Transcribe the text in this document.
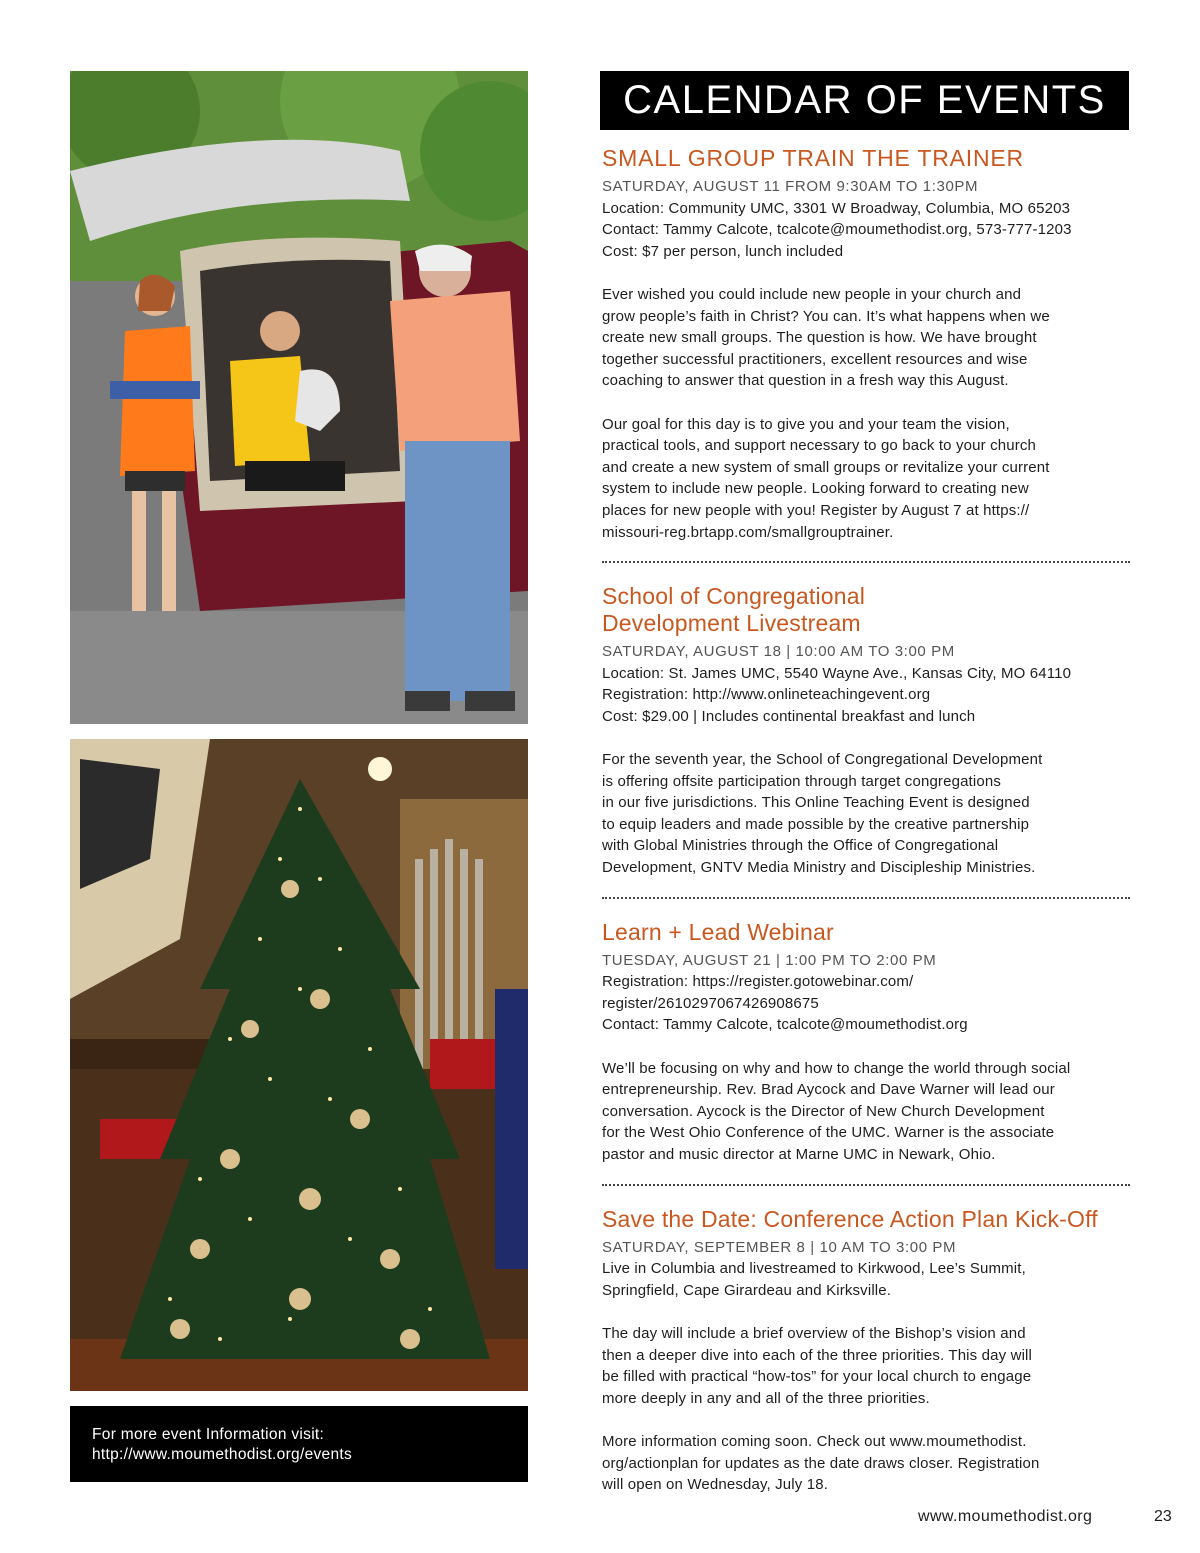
For more event Information visit:
http://www.moumethodist.org/events
CALENDAR OF EVENTS
SMALL GROUP TRAIN THE TRAINER
SATURDAY, AUGUST 11 FROM 9:30AM TO 1:30PM
Location: Community UMC, 3301 W Broadway, Columbia, MO 65203
Contact: Tammy Calcote, tcalcote@moumethodist.org, 573-777-1203
Cost: $7 per person, lunch included
Ever wished you could include new people in your church and
grow people’s faith in Christ? You can. It’s what happens when we
create new small groups. The question is how. We have brought
together successful practitioners, excellent resources and wise
coaching to answer that question in a fresh way this August.
Our goal for this day is to give you and your team the vision,
practical tools, and support necessary to go back to your church
and create a new system of small groups or revitalize your current
system to include new people. Looking forward to creating new
places for new people with you! Register by August 7 at https://
missouri-reg.brtapp.com/smallgrouptrainer.
School of Congregational
Development Livestream
SATURDAY, AUGUST 18 | 10:00 AM TO 3:00 PM
Location: St. James UMC, 5540 Wayne Ave., Kansas City, MO 64110
Registration: http://www.onlineteachingevent.org
Cost: $29.00 | Includes continental breakfast and lunch
For the seventh year, the School of Congregational Development
is offering offsite participation through target congregations
in our five jurisdictions. This Online Teaching Event is designed
to equip leaders and made possible by the creative partnership
with Global Ministries through the Office of Congregational
Development, GNTV Media Ministry and Discipleship Ministries.
Learn + Lead Webinar
TUESDAY, AUGUST 21 | 1:00 PM TO 2:00 PM
Registration: https://register.gotowebinar.com/
register/2610297067426908675
Contact: Tammy Calcote, tcalcote@moumethodist.org
We’ll be focusing on why and how to change the world through social
entrepreneurship. Rev. Brad Aycock and Dave Warner will lead our
conversation. Aycock is the Director of New Church Development
for the West Ohio Conference of the UMC. Warner is the associate
pastor and music director at Marne UMC in Newark, Ohio.
Save the Date: Conference Action Plan Kick-Off
SATURDAY, SEPTEMBER 8 | 10 AM TO 3:00 PM
Live in Columbia and livestreamed to Kirkwood, Lee’s Summit,
Springfield, Cape Girardeau and Kirksville.
The day will include a brief overview of the Bishop’s vision and
then a deeper dive into each of the three priorities. This day will
be filled with practical “how-tos” for your local church to engage
more deeply in any and all of the three priorities.
More information coming soon. Check out www.moumethodist.
org/actionplan for updates as the date draws closer. Registration
will open on Wednesday, July 18.
www.moumethodist.org	23
